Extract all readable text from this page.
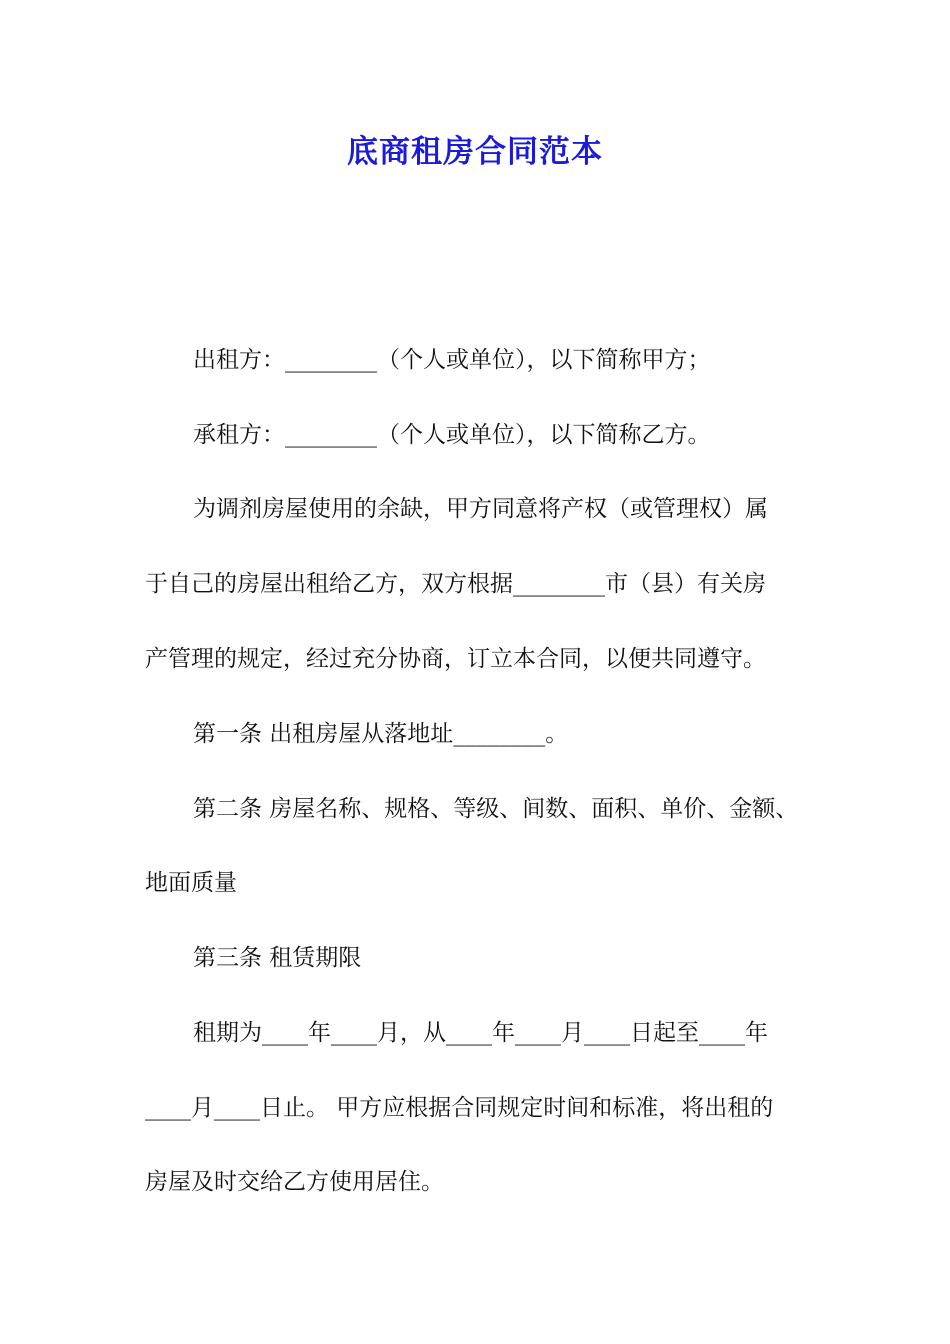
底商租房合同范本
出租方：________（个人或单位），以下简称甲方；
承租方：________（个人或单位），以下简称乙方。
为调剂房屋使用的余缺，甲方同意将产权（或管理权）属
于自己的房屋出租给乙方，双方根据________市（县）有关房
产管理的规定，经过充分协商，订立本合同，以便共同遵守。
第一条 出租房屋从落地址________。
第二条 房屋名称、规格、等级、间数、面积、单价、金额、
地面质量
第三条 租赁期限
租期为____年____月，从____年____月____日起至____年
____月____日止。 甲方应根据合同规定时间和标准，将出租的
房屋及时交给乙方使用居住。
